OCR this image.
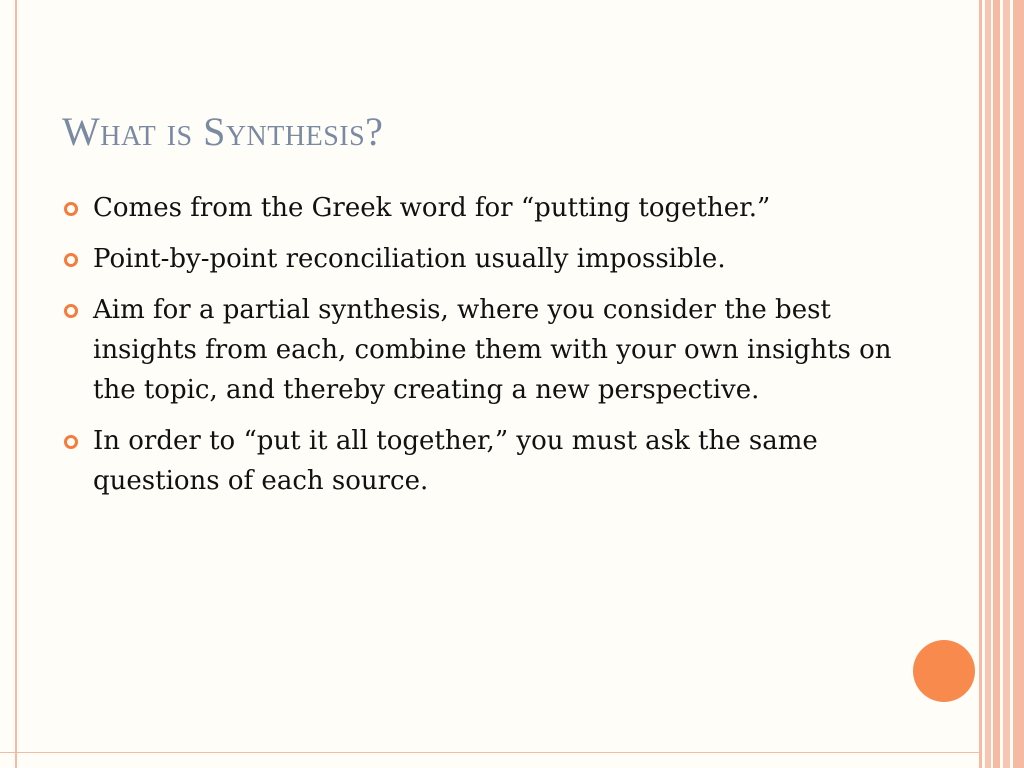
What is Synthesis?
Comes from the Greek word for “putting together.”
Point-by-point reconciliation usually impossible.
Aim for a partial synthesis, where you consider the best insights from each, combine them with your own insights on the topic, and thereby creating a new perspective.
In order to “put it all together,” you must ask the same questions of each source.
